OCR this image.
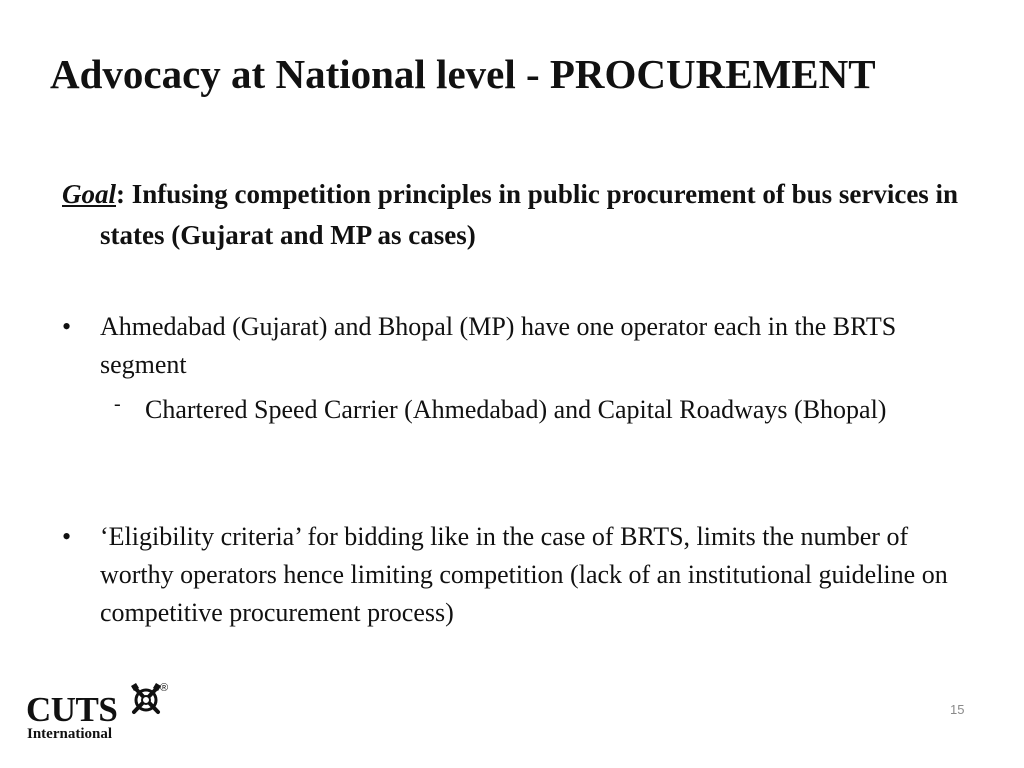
Advocacy at National level - PROCUREMENT

Goal: Infusing competition principles in public procurement of bus services in states (Gujarat and MP as cases)

•	Ahmedabad (Gujarat) and Bhopal (MP) have one operator each in the BRTS segment
- Chartered Speed Carrier (Ahmedabad) and Capital Roadways (Bhopal)
•	‘Eligibility criteria’ for bidding like in the case of BRTS, limits the number of worthy operators hence limiting competition (lack of an institutional guideline on competitive procurement process)
CUTS
®
International
15
